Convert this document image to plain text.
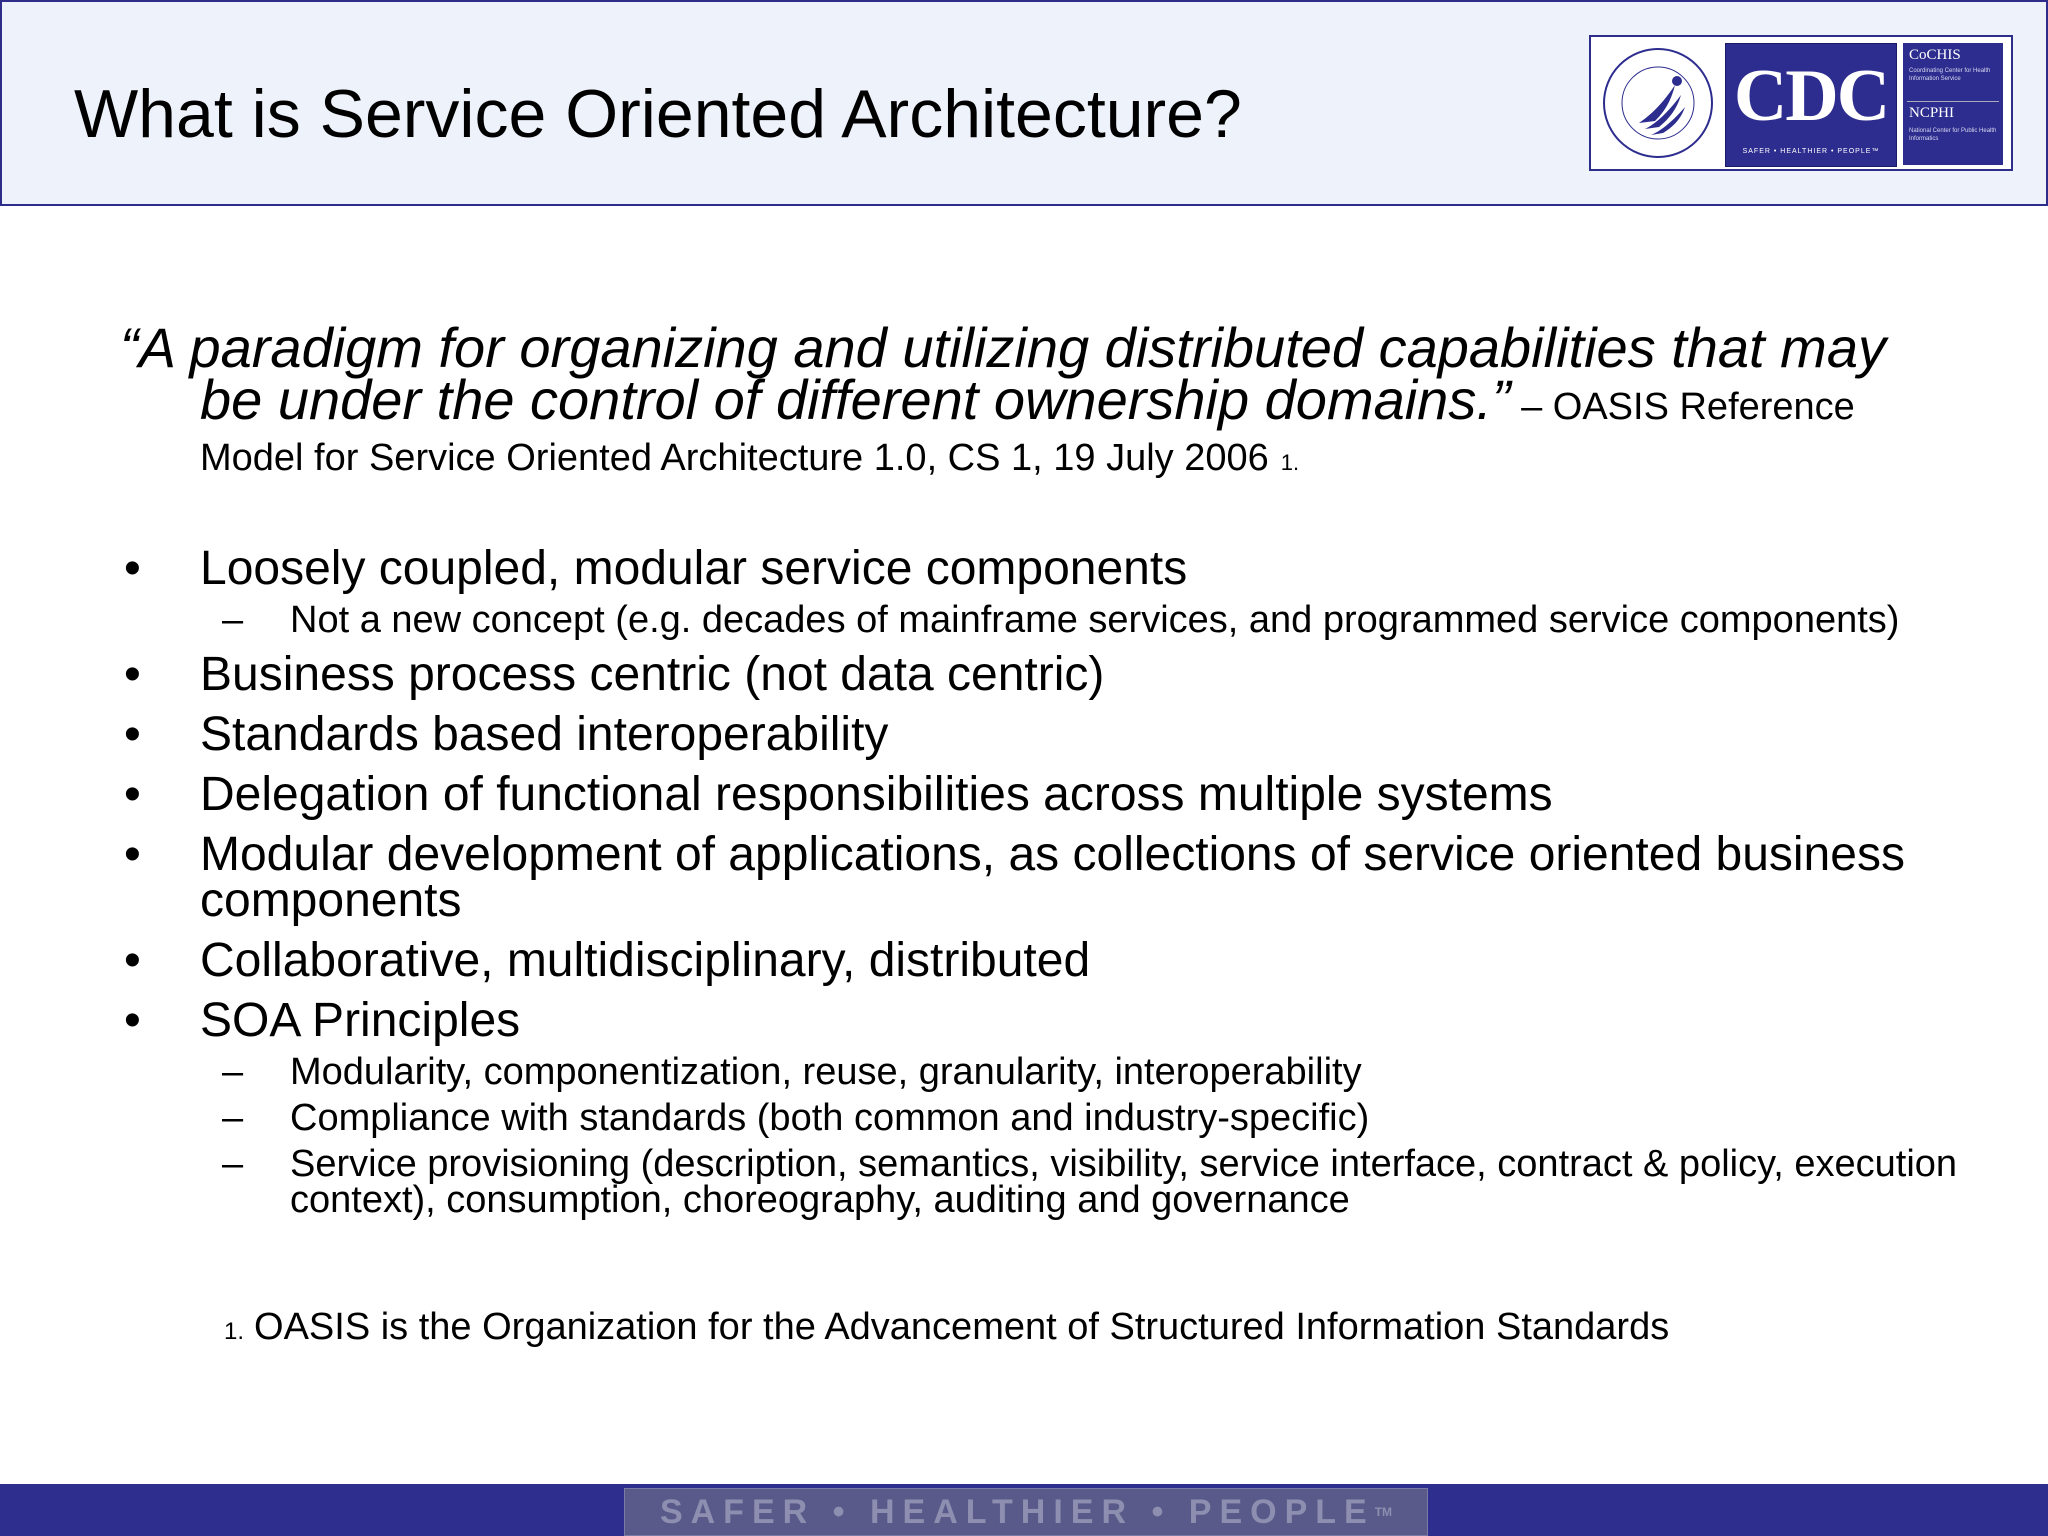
What is Service Oriented Architecture?	CDC
SAFER • HEALTHIER • PEOPLE™
CoCHIS
Coordinating Center for Health Information Service
NCPHI
National Center for Public Health Informatics
“A paradigm for organizing and utilizing distributed capabilities that may
be under the control of different ownership domains.” – OASIS Reference
Model for Service Oriented Architecture 1.0, CS 1, 19 July 2006 1.
• Loosely coupled, modular service components
– Not a new concept (e.g. decades of mainframe services, and programmed service components)
• Business process centric (not data centric)
• Standards based interoperability
• Delegation of functional responsibilities across multiple systems
• Modular development of applications, as collections of service oriented business components
• Collaborative, multidisciplinary, distributed
• SOA Principles
– Modularity, componentization, reuse, granularity, interoperability
– Compliance with standards (both common and industry-specific)
– Service provisioning (description, semantics, visibility, service interface, contract & policy, execution context), consumption, choreography, auditing and governance
1. OASIS is the Organization for the Advancement of Structured Information Standards
SAFER • HEALTHIER • PEOPLE™
